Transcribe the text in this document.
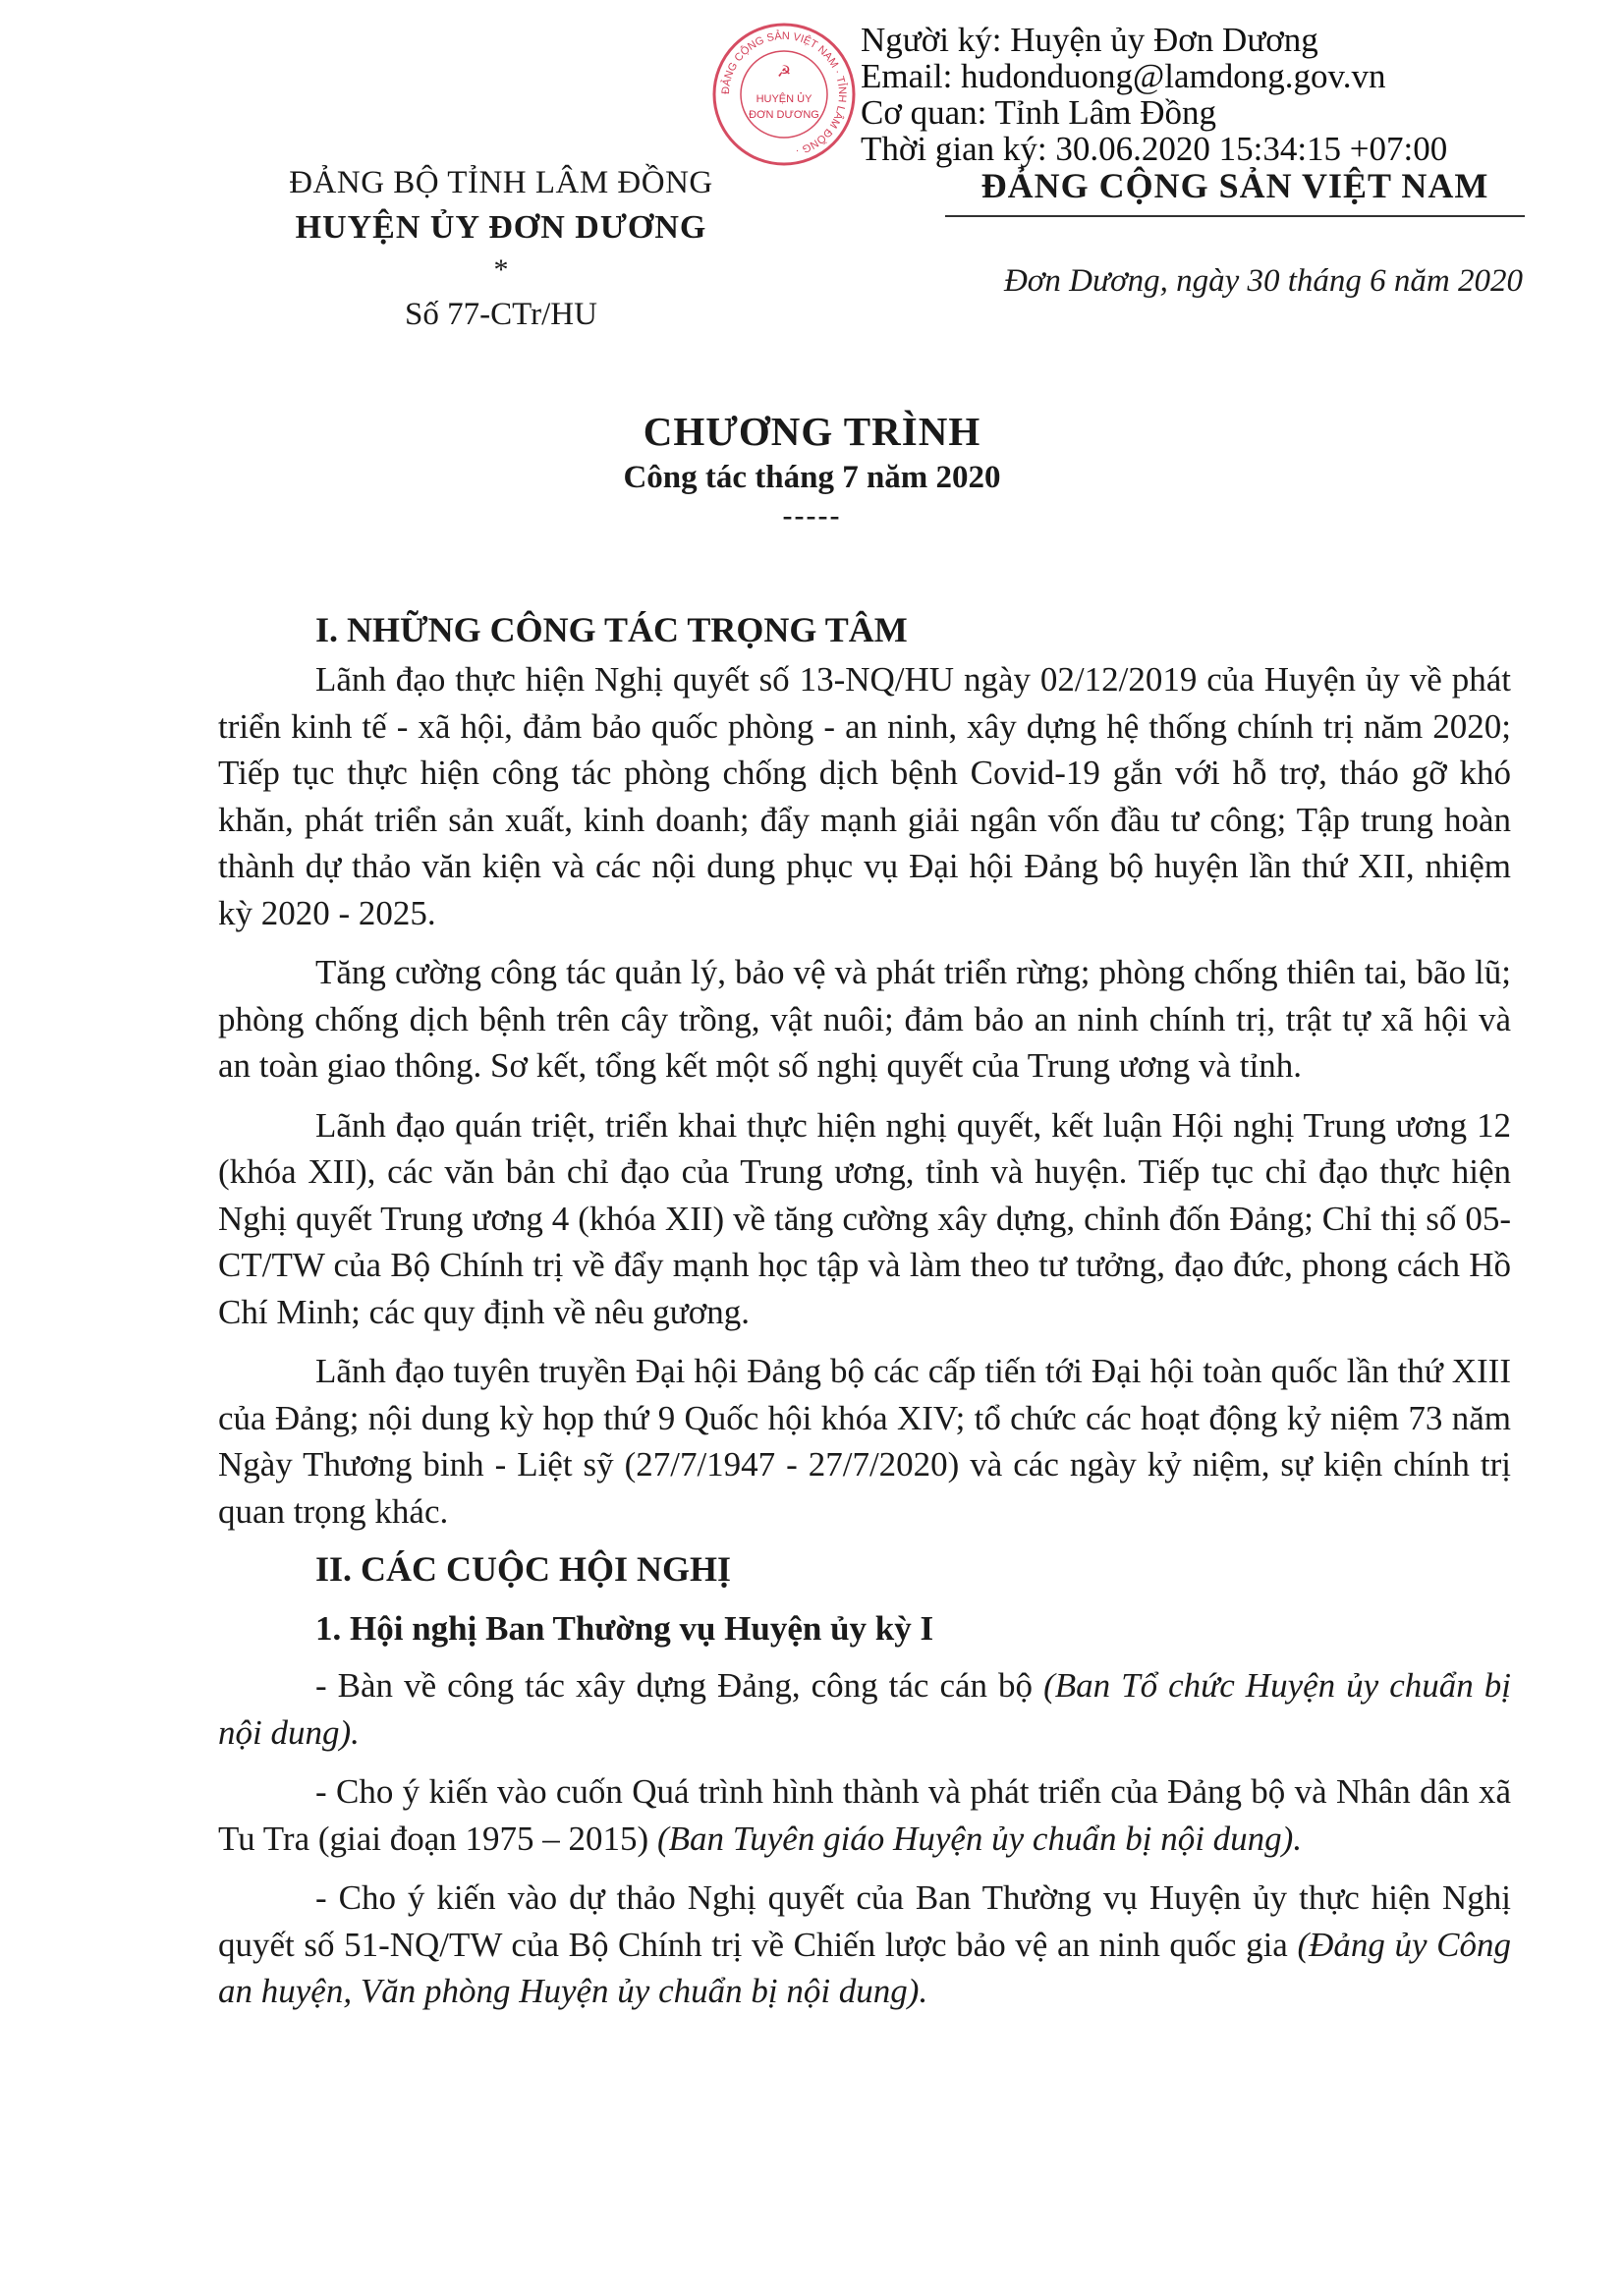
ĐẢNG CỘNG SẢN VIỆT NAM · TỈNH LÂM ĐỒNG ·
☭
HUYỆN ỦY
ĐƠN DƯƠNG
Người ký: Huyện ủy Đơn Dương
Email: hudonduong@lamdong.gov.vn
Cơ quan: Tỉnh Lâm Đồng
Thời gian ký: 30.06.2020 15:34:15 +07:00
ĐẢNG BỘ TỈNH LÂM ĐỒNG
HUYỆN ỦY ĐƠN DƯƠNG
*
Số 77-CTr/HU
ĐẢNG CỘNG SẢN VIỆT NAM
Đơn Dương, ngày 30 tháng 6 năm 2020
CHƯƠNG TRÌNH
Công tác tháng 7 năm 2020
-----
I. NHỮNG CÔNG TÁC TRỌNG TÂM

Lãnh đạo thực hiện Nghị quyết số 13-NQ/HU ngày 02/12/2019 của Huyện ủy về phát triển kinh tế - xã hội, đảm bảo quốc phòng - an ninh, xây dựng hệ thống chính trị năm 2020; Tiếp tục thực hiện công tác phòng chống dịch bệnh Covid-19 gắn với hỗ trợ, tháo gỡ khó khăn, phát triển sản xuất, kinh doanh; đẩy mạnh giải ngân vốn đầu tư công; Tập trung hoàn thành dự thảo văn kiện và các nội dung phục vụ Đại hội Đảng bộ huyện lần thứ XII, nhiệm kỳ 2020 - 2025.

Tăng cường công tác quản lý, bảo vệ và phát triển rừng; phòng chống thiên tai, bão lũ; phòng chống dịch bệnh trên cây trồng, vật nuôi; đảm bảo an ninh chính trị, trật tự xã hội và an toàn giao thông. Sơ kết, tổng kết một số nghị quyết của Trung ương và tỉnh.

Lãnh đạo quán triệt, triển khai thực hiện nghị quyết, kết luận Hội nghị Trung ương 12 (khóa XII), các văn bản chỉ đạo của Trung ương, tỉnh và huyện. Tiếp tục chỉ đạo thực hiện Nghị quyết Trung ương 4 (khóa XII) về tăng cường xây dựng, chỉnh đốn Đảng; Chỉ thị số 05-CT/TW của Bộ Chính trị về đẩy mạnh học tập và làm theo tư tưởng, đạo đức, phong cách Hồ Chí Minh; các quy định về nêu gương.

Lãnh đạo tuyên truyền Đại hội Đảng bộ các cấp tiến tới Đại hội toàn quốc lần thứ XIII của Đảng; nội dung kỳ họp thứ 9 Quốc hội khóa XIV; tổ chức các hoạt động kỷ niệm 73 năm Ngày Thương binh - Liệt sỹ (27/7/1947 - 27/7/2020) và các ngày kỷ niệm, sự kiện chính trị quan trọng khác.

II. CÁC CUỘC HỘI NGHỊ
1. Hội nghị Ban Thường vụ Huyện ủy kỳ I

- Bàn về công tác xây dựng Đảng, công tác cán bộ (Ban Tổ chức Huyện ủy chuẩn bị nội dung).

- Cho ý kiến vào cuốn Quá trình hình thành và phát triển của Đảng bộ và Nhân dân xã Tu Tra (giai đoạn 1975 – 2015) (Ban Tuyên giáo Huyện ủy chuẩn bị nội dung).

- Cho ý kiến vào dự thảo Nghị quyết của Ban Thường vụ Huyện ủy thực hiện Nghị quyết số 51-NQ/TW của Bộ Chính trị về Chiến lược bảo vệ an ninh quốc gia (Đảng ủy Công an huyện, Văn phòng Huyện ủy chuẩn bị nội dung).
